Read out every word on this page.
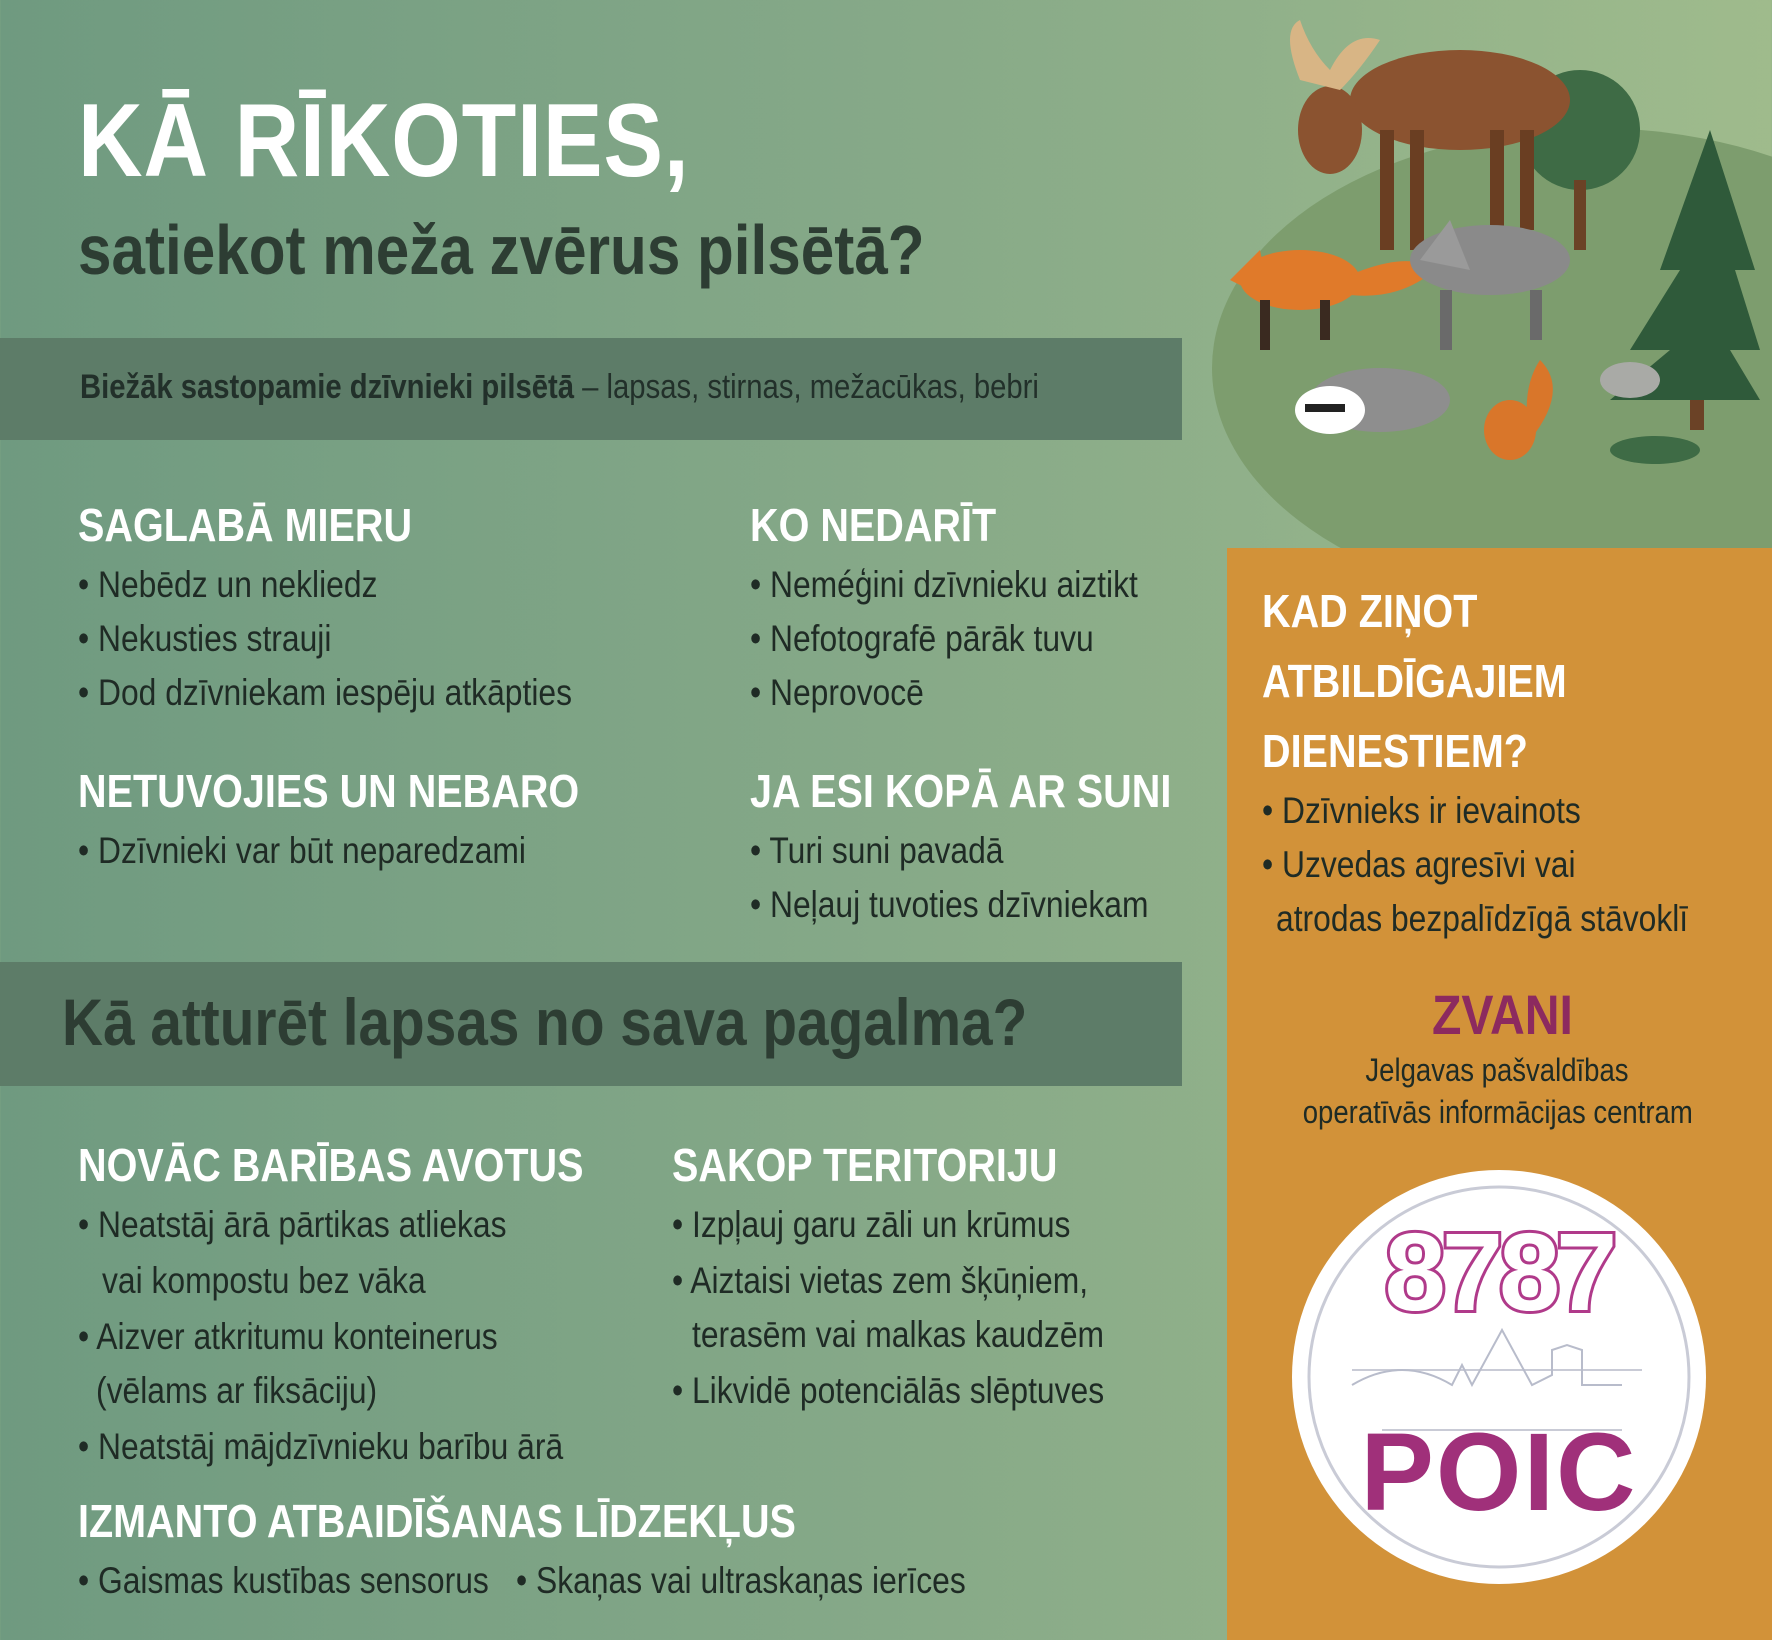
KĀ RĪKOTIES,
satiekot meža zvērus pilsētā?
Biežāk sastopamie dzīvnieki pilsētā – lapsas, stirnas, mežacūkas, bebri
SAGLABĀ MIERU
• Nebēdz un nekliedz
• Nekusties strauji
• Dod dzīvniekam iespēju atkāpties
KO NEDARĪT
• Neméģini dzīvnieku aiztikt
• Nefotografē pārāk tuvu
• Neprovocē
NETUVOJIES UN NEBARO
• Dzīvnieki var būt neparedzami
JA ESI KOPĀ AR SUNI
• Turi suni pavadā
• Neļauj tuvoties dzīvniekam
Kā atturēt lapsas no sava pagalma?
NOVĀC BARĪBAS AVOTUS
• Neatstāj ārā pārtikas atliekas
vai kompostu bez vāka
• Aizver atkritumu konteinerus
(vēlams ar fiksāciju)
• Neatstāj mājdzīvnieku barību ārā
SAKOP TERITORIJU
• Izpļauj garu zāli un krūmus
• Aiztaisi vietas zem šķūņiem,
terasēm vai malkas kaudzēm
• Likvidē potenciālās slēptuves
IZMANTO ATBAIDĪŠANAS LĪDZEKĻUS
• Gaismas kustības sensorus • Skaņas vai ultraskaņas ierīces
KAD ZIŅOT
ATBILDĪGAJIEM
DIENESTIEM?
• Dzīvnieks ir ievainots
• Uzvedas agresīvi vai
atrodas bezpalīdzīgā stāvoklī
ZVANI
Jelgavas pašvaldības
operatīvās informācijas centram
8787
POIC
